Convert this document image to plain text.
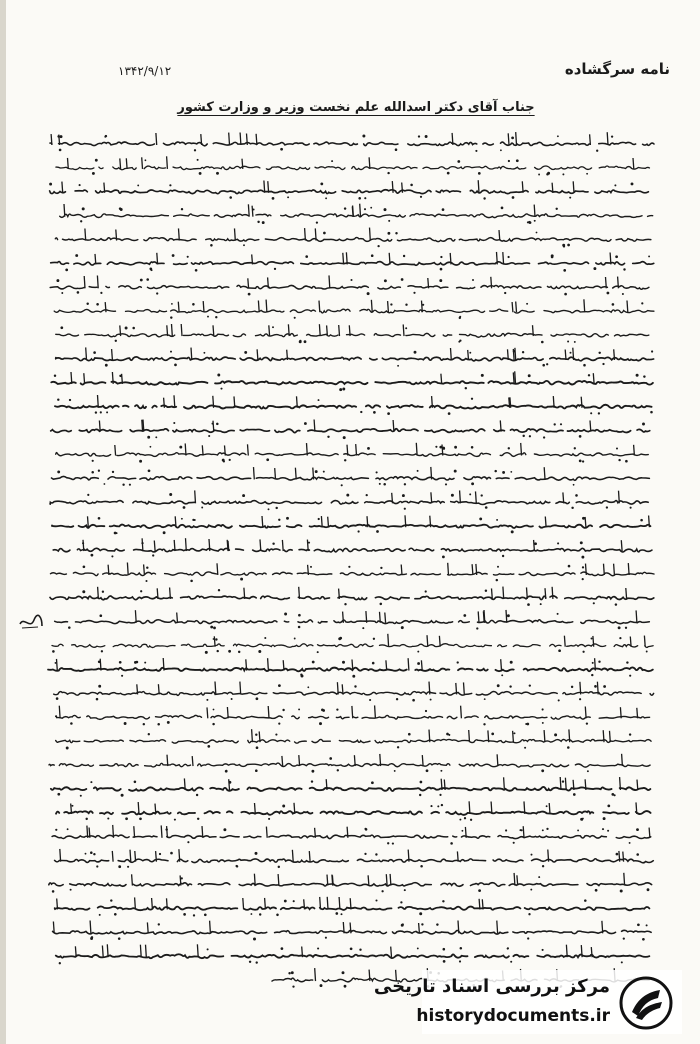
نامه سرگشاده
۱۳۴۲/۹/۱۲
جناب آقای دکتر اسدالله علم نخست وزیر و وزارت کشور
مرکز بررسی اسناد تاریخی
historydocuments.ir
